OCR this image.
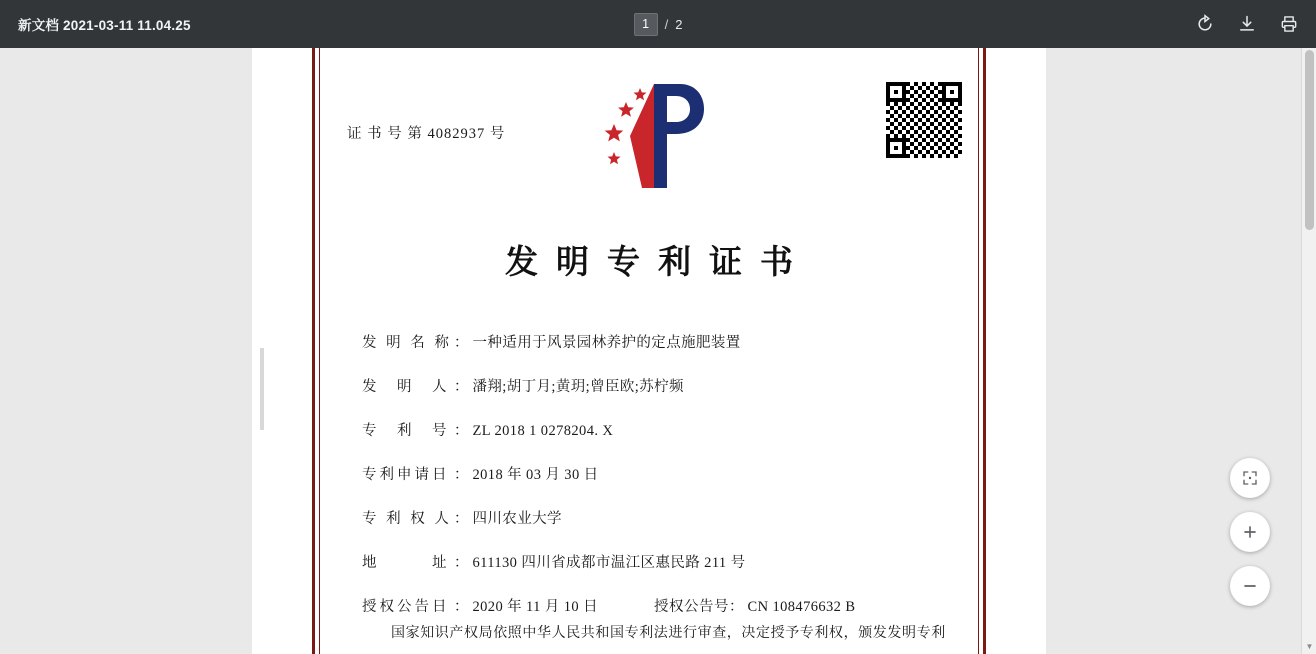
新文档 2021-03-11 11.04.25	1	/ 2
证 书 号 第 4082937 号
发明专利证书
发 明 名 称 ： 一种适用于风景园林养护的定点施肥装置
发　明　人 ： 潘翔;胡丁月;黄玥;曾臣欧;苏柠频
专　利　号 ： ZL 2018 1 0278204. X
专利申请日 ： 2018 年 03 月 30 日
专 利 权 人 ： 四川农业大学
地　　　址 ： 611130 四川省成都市温江区惠民路 211 号
授权公告日 ： 2020 年 11 月 10 日	授权公告号 ： CN 108476632 B
国家知识产权局依照中华人民共和国专利法进行审查，决定授予专利权，颁发发明专利
▼
